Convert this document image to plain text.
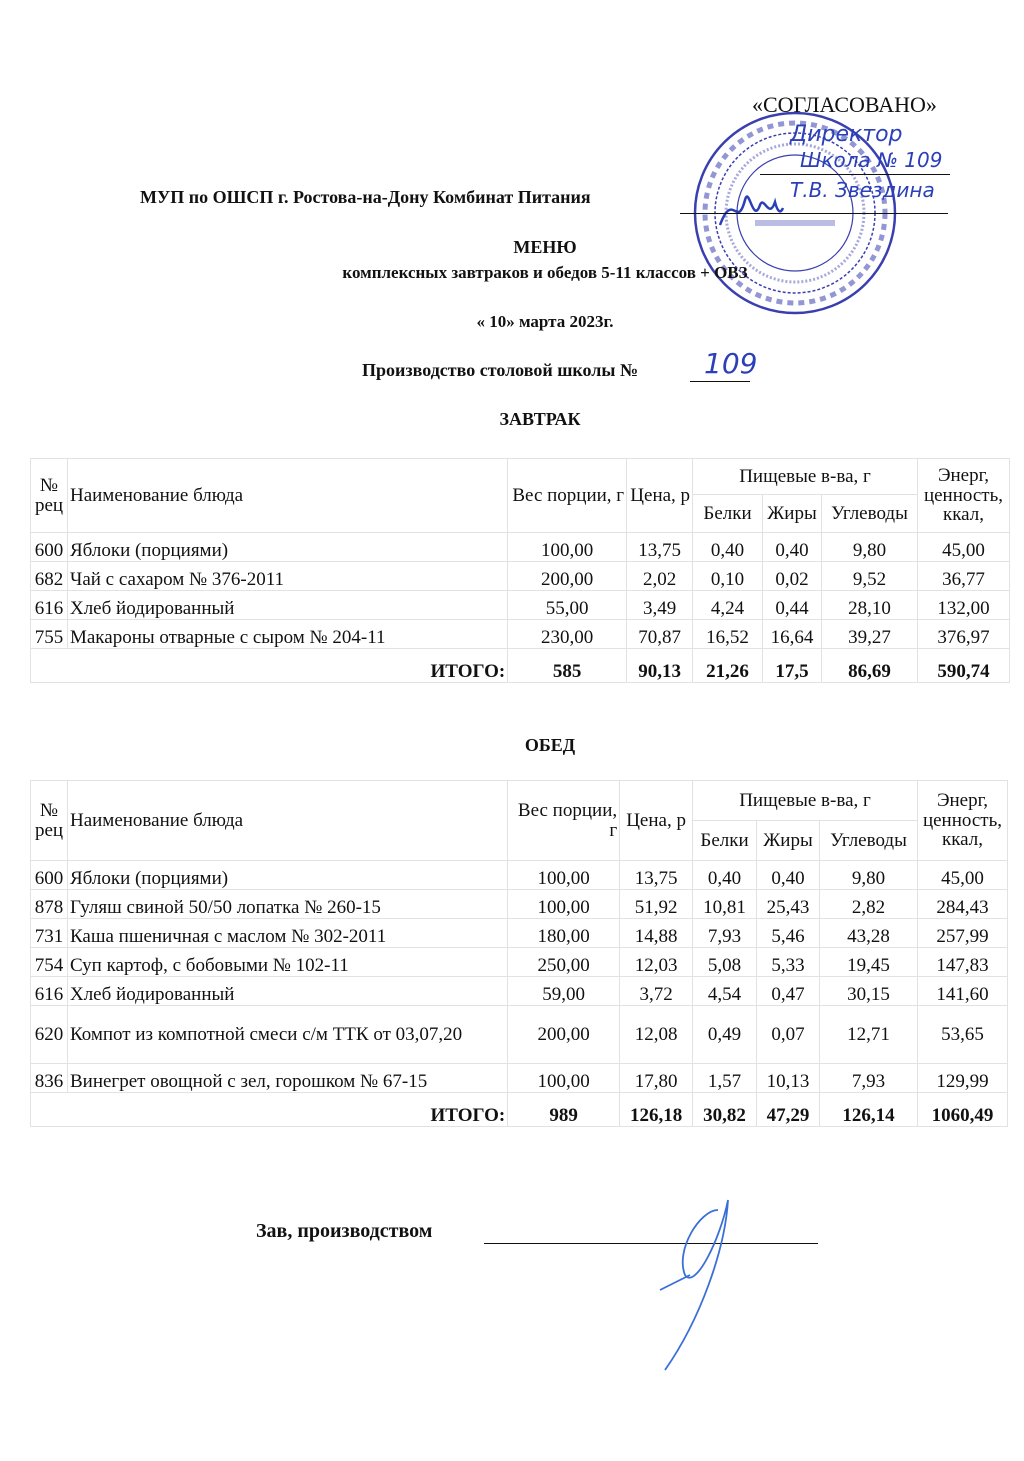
«СОГЛАСОВАНО»
Директор
Школа № 109
Т.В. Звездина
МУП по ОШСП г. Ростова-на-Дону Комбинат Питания
МЕНЮ
комплексных завтраков и обедов 5-11 классов + ОВЗ
« 10» марта 2023г.
Производство столовой школы № 109
ЗАВТРАК
№ рец	Наименование блюда	Вес порции, г	Цена, р	Пищевые в-ва, г			Энерг, ценность, ккал,
				Белки	Жиры	Углеводы	
600	Яблоки (порциями)	100,00	13,75	0,40	0,40	9,80	45,00
682	Чай с сахаром № 376-2011	200,00	2,02	0,10	0,02	9,52	36,77
616	Хлеб йодированный	55,00	3,49	4,24	0,44	28,10	132,00
755	Макароны отварные с сыром № 204-11	230,00	70,87	16,52	16,64	39,27	376,97
ИТОГО:		585	90,13	21,26	17,5	86,69	590,74
ОБЕД
№ рец	Наименование блюда	Вес порции, г	Цена, р	Пищевые в-ва, г			Энерг, ценность, ккал,
				Белки	Жиры	Углеводы	
600	Яблоки (порциями)	100,00	13,75	0,40	0,40	9,80	45,00
878	Гуляш свиной 50/50 лопатка № 260-15	100,00	51,92	10,81	25,43	2,82	284,43
731	Каша пшеничная с маслом № 302-2011	180,00	14,88	7,93	5,46	43,28	257,99
754	Суп картоф, с бобовыми № 102-11	250,00	12,03	5,08	5,33	19,45	147,83
616	Хлеб йодированный	59,00	3,72	4,54	0,47	30,15	141,60
620	Компот из компотной смеси с/м ТТК от 03,07,20	200,00	12,08	0,49	0,07	12,71	53,65
836	Винегрет овощной с зел, горошком № 67-15	100,00	17,80	1,57	10,13	7,93	129,99
ИТОГО:		989	126,18	30,82	47,29	126,14	1060,49
Зав, производством
